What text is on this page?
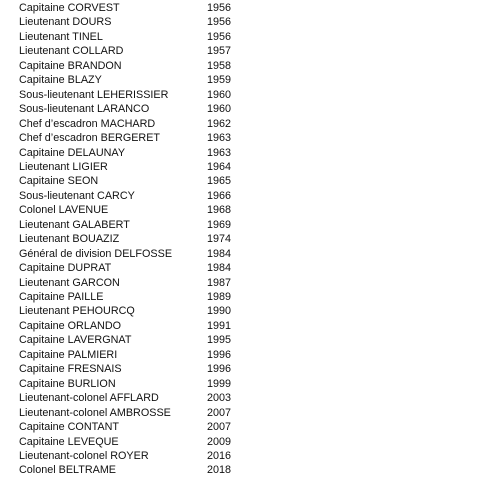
Capitaine CORVEST	1956
Lieutenant DOURS	1956
Lieutenant TINEL	1956
Lieutenant COLLARD	1957
Capitaine BRANDON	1958
Capitaine BLAZY	1959
Sous-lieutenant LEHERISSIER	1960
Sous-lieutenant LARANCO	1960
Chef d’escadron MACHARD	1962
Chef d’escadron BERGERET	1963
Capitaine DELAUNAY	1963
Lieutenant LIGIER	1964
Capitaine SEON	1965
Sous-lieutenant CARCY	1966
Colonel LAVENUE	1968
Lieutenant GALABERT	1969
Lieutenant BOUAZIZ	1974
Général de division DELFOSSE	1984
Capitaine DUPRAT	1984
Lieutenant GARCON	1987
Capitaine PAILLE	1989
Lieutenant PEHOURCQ	1990
Capitaine ORLANDO	1991
Capitaine LAVERGNAT	1995
Capitaine PALMIERI	1996
Capitaine FRESNAIS	1996
Capitaine BURLION	1999
Lieutenant-colonel AFFLARD	2003
Lieutenant-colonel AMBROSSE	2007
Capitaine CONTANT	2007
Capitaine LEVEQUE	2009
Lieutenant-colonel ROYER	2016
Colonel BELTRAME	2018
